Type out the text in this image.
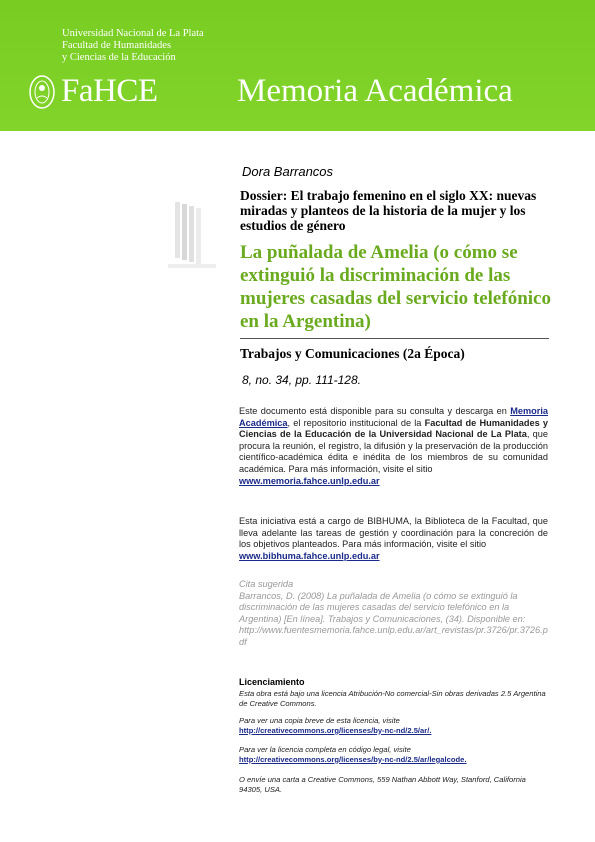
Universidad Nacional de La Plata
Facultad de Humanidades
y Ciencias de la Educación
FaHCE Memoria Académica
Dora Barrancos
Dossier: El trabajo femenino en el siglo XX: nuevas miradas y planteos de la historia de la mujer y los estudios de género
La puñalada de Amelia (o cómo se extinguió la discriminación de las mujeres casadas del servicio telefónico en la Argentina)
Trabajos y Comunicaciones (2a Época)
8, no. 34, pp. 111-128.
Este documento está disponible para su consulta y descarga en Memoria Académica, el repositorio institucional de la Facultad de Humanidades y Ciencias de la Educación de la Universidad Nacional de La Plata, que procura la reunión, el registro, la difusión y la preservación de la producción científico-académica édita e inédita de los miembros de su comunidad académica. Para más información, visite el sitio
www.memoria.fahce.unlp.edu.ar
Esta iniciativa está a cargo de BIBHUMA, la Biblioteca de la Facultad, que lleva adelante las tareas de gestión y coordinación para la concreción de los objetivos planteados. Para más información, visite el sitio
www.bibhuma.fahce.unlp.edu.ar
Cita sugerida
Barrancos, D. (2008) La puñalada de Amelia (o cómo se extinguió la discriminación de las mujeres casadas del servicio telefónico en la Argentina) [En línea]. Trabajos y Comunicaciones, (34). Disponible en:
http://www.fuentesmemoria.fahce.unlp.edu.ar/art_revistas/pr.3726/pr.3726.pdf
Licenciamiento
Esta obra está bajo una licencia Atribución-No comercial-Sin obras derivadas 2.5 Argentina de Creative Commons.
Para ver una copia breve de esta licencia, visite
http://creativecommons.org/licenses/by-nc-nd/2.5/ar/.
Para ver la licencia completa en código legal, visite
http://creativecommons.org/licenses/by-nc-nd/2.5/ar/legalcode.
O envíe una carta a Creative Commons, 559 Nathan Abbott Way, Stanford, California 94305, USA.
